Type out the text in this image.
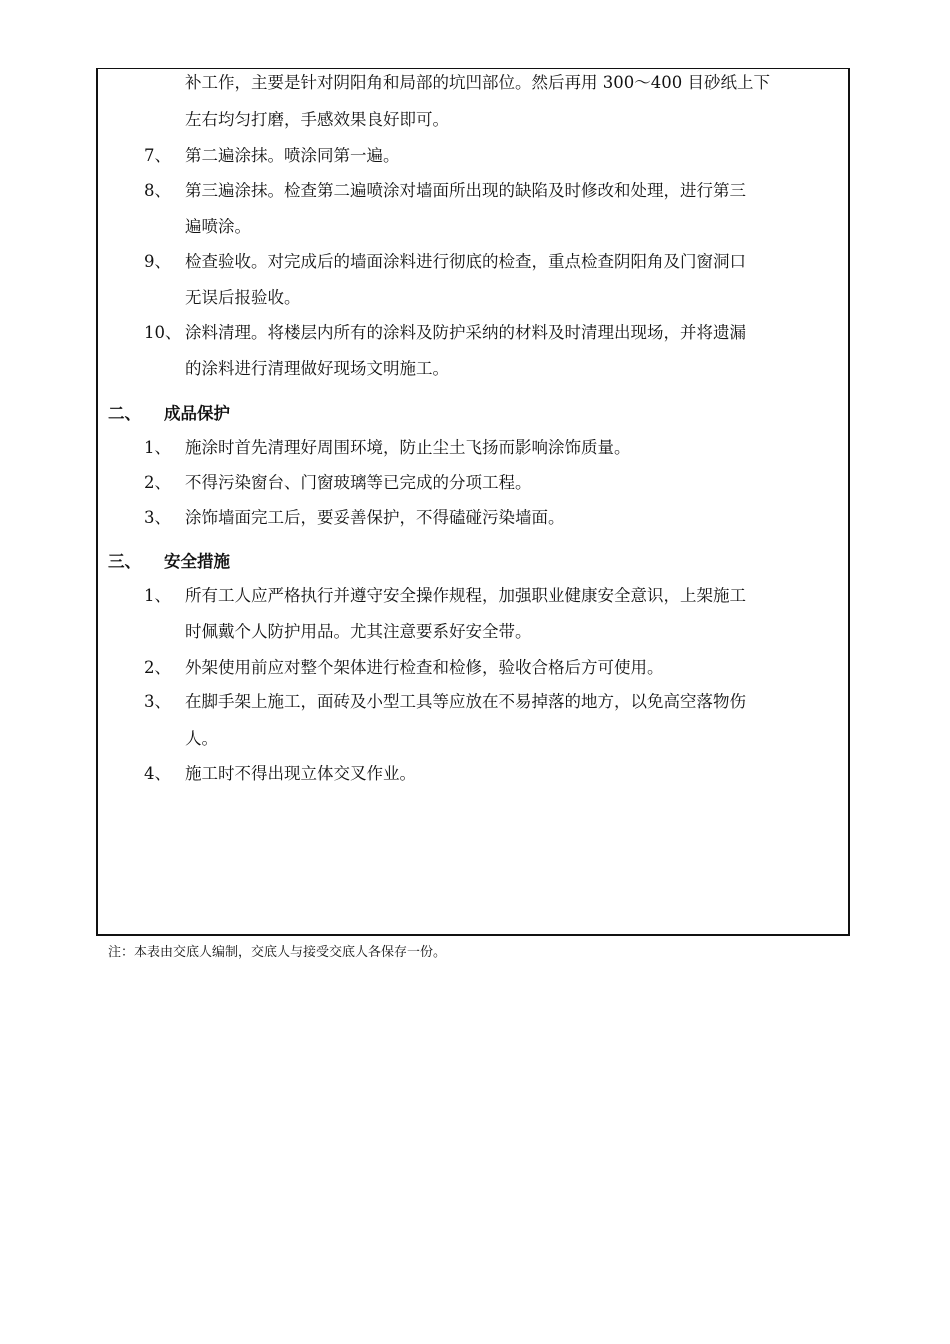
补工作，主要是针对阴阳角和局部的坑凹部位。然后再用 300～400 目砂纸上下
左右均匀打磨，手感效果良好即可。
7、 第二遍涂抹。喷涂同第一遍。
8、 第三遍涂抹。检查第二遍喷涂对墙面所出现的缺陷及时修改和处理，进行第三
遍喷涂。
9、 检查验收。对完成后的墙面涂料进行彻底的检查，重点检查阴阳角及门窗洞口
无误后报验收。
10、 涂料清理。将楼层内所有的涂料及防护采纳的材料及时清理出现场，并将遗漏
的涂料进行清理做好现场文明施工。
二、 成品保护
1、 施涂时首先清理好周围环境，防止尘土飞扬而影响涂饰质量。
2、 不得污染窗台、门窗玻璃等已完成的分项工程。
3、 涂饰墙面完工后，要妥善保护，不得磕碰污染墙面。
三、 安全措施
1、 所有工人应严格执行并遵守安全操作规程，加强职业健康安全意识，上架施工
时佩戴个人防护用品。尤其注意要系好安全带。
2、 外架使用前应对整个架体进行检查和检修，验收合格后方可使用。
3、 在脚手架上施工，面砖及小型工具等应放在不易掉落的地方，以免高空落物伤
人。
4、 施工时不得出现立体交叉作业。
注：本表由交底人编制，交底人与接受交底人各保存一份。
